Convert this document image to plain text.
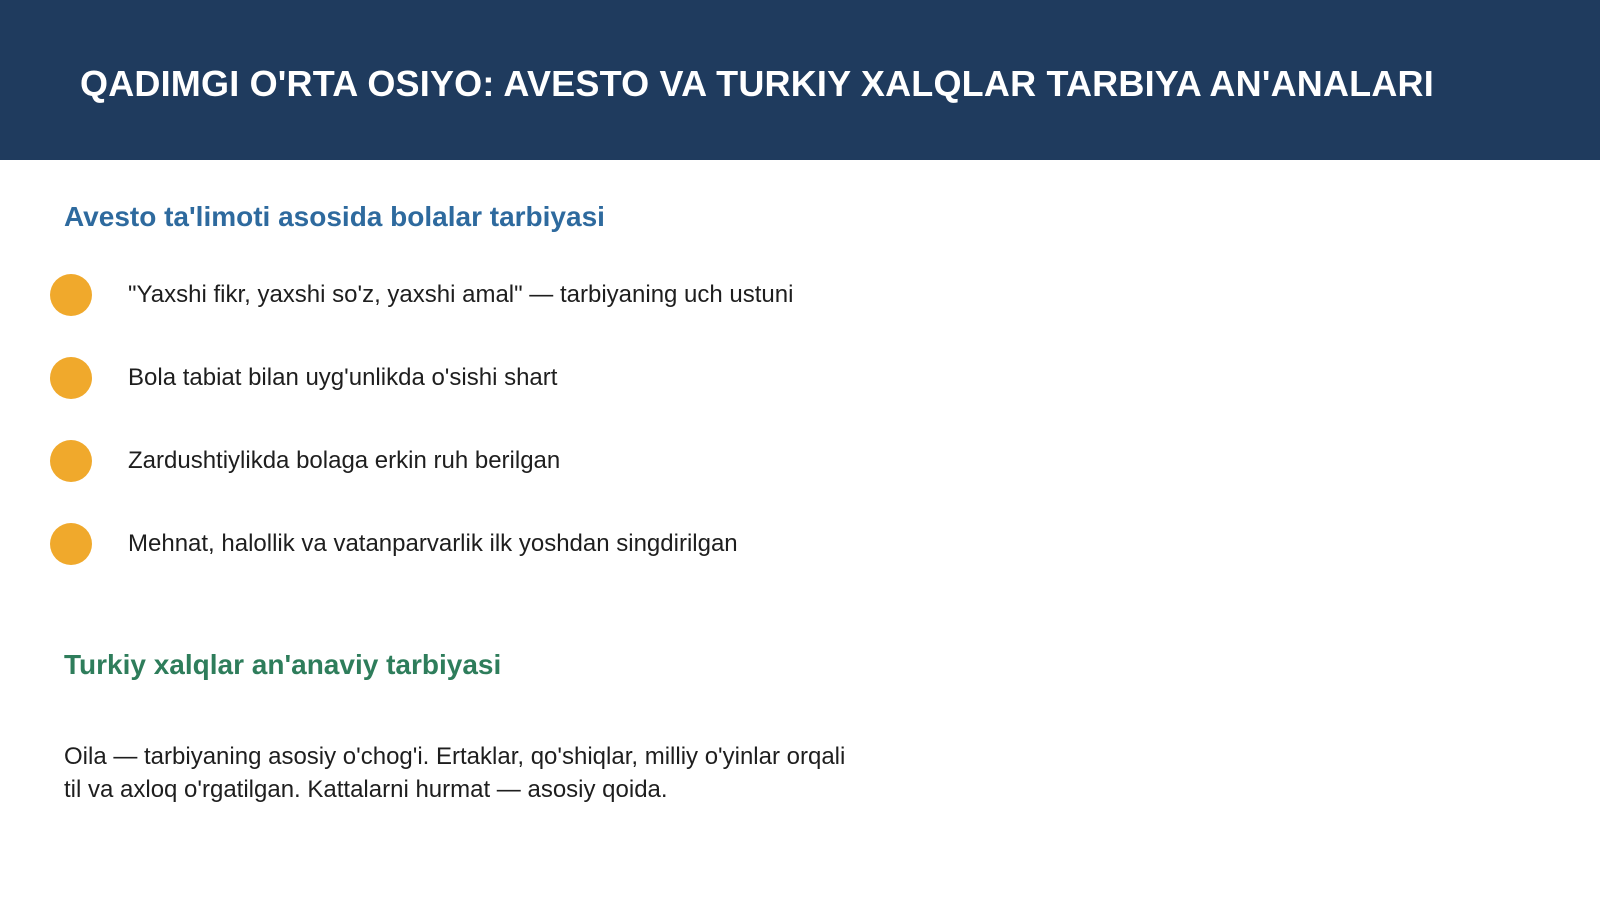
QADIMGI O'RTA OSIYO: AVESTO VA TURKIY XALQLAR TARBIYA AN'ANALARI
Avesto ta'limoti asosida bolalar tarbiyasi
"Yaxshi fikr, yaxshi so'z, yaxshi amal" — tarbiyaning uch ustuni
Bola tabiat bilan uyg'unlikda o'sishi shart
Zardushtiylikda bolaga erkin ruh berilgan
Mehnat, halollik va vatanparvarlik ilk yoshdan singdirilgan
Turkiy xalqlar an'anaviy tarbiyasi

Oila — tarbiyaning asosiy o'chog'i. Ertaklar, qo'shiqlar, milliy o'yinlar orqali til va axloq o'rgatilgan. Kattalarni hurmat — asosiy qoida.
